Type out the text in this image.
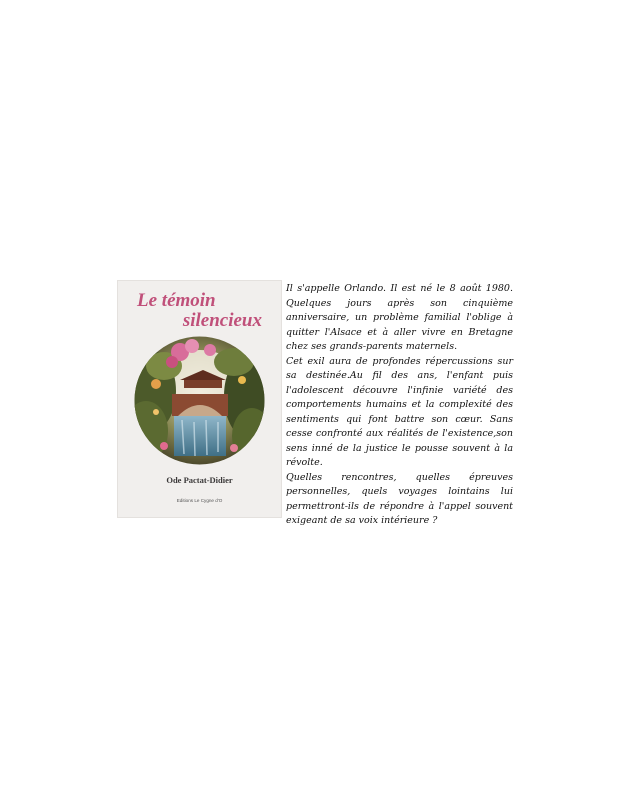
Le témoin
silencieux
Ode Pactat-Didier
Editions Le Cygne d'O

Il s'appelle Orlando. Il est né le 8 août 1980. Quelques jours après son cinquième anniversaire, un problème familial l'oblige à quitter l'Alsace et à aller vivre en Bretagne chez ses grands-parents maternels.

Cet exil aura de profondes répercussions sur sa destinée.Au fil des ans, l'enfant puis l'adolescent découvre l'infinie variété des comportements humains et la complexité des sentiments qui font battre son cœur. Sans cesse confronté aux réalités de l'existence,son sens inné de la justice le pousse souvent à la révolte.

Quelles rencontres, quelles épreuves personnelles, quels voyages lointains lui permettront-ils de répondre à l'appel souvent exigeant de sa voix intérieure ?
